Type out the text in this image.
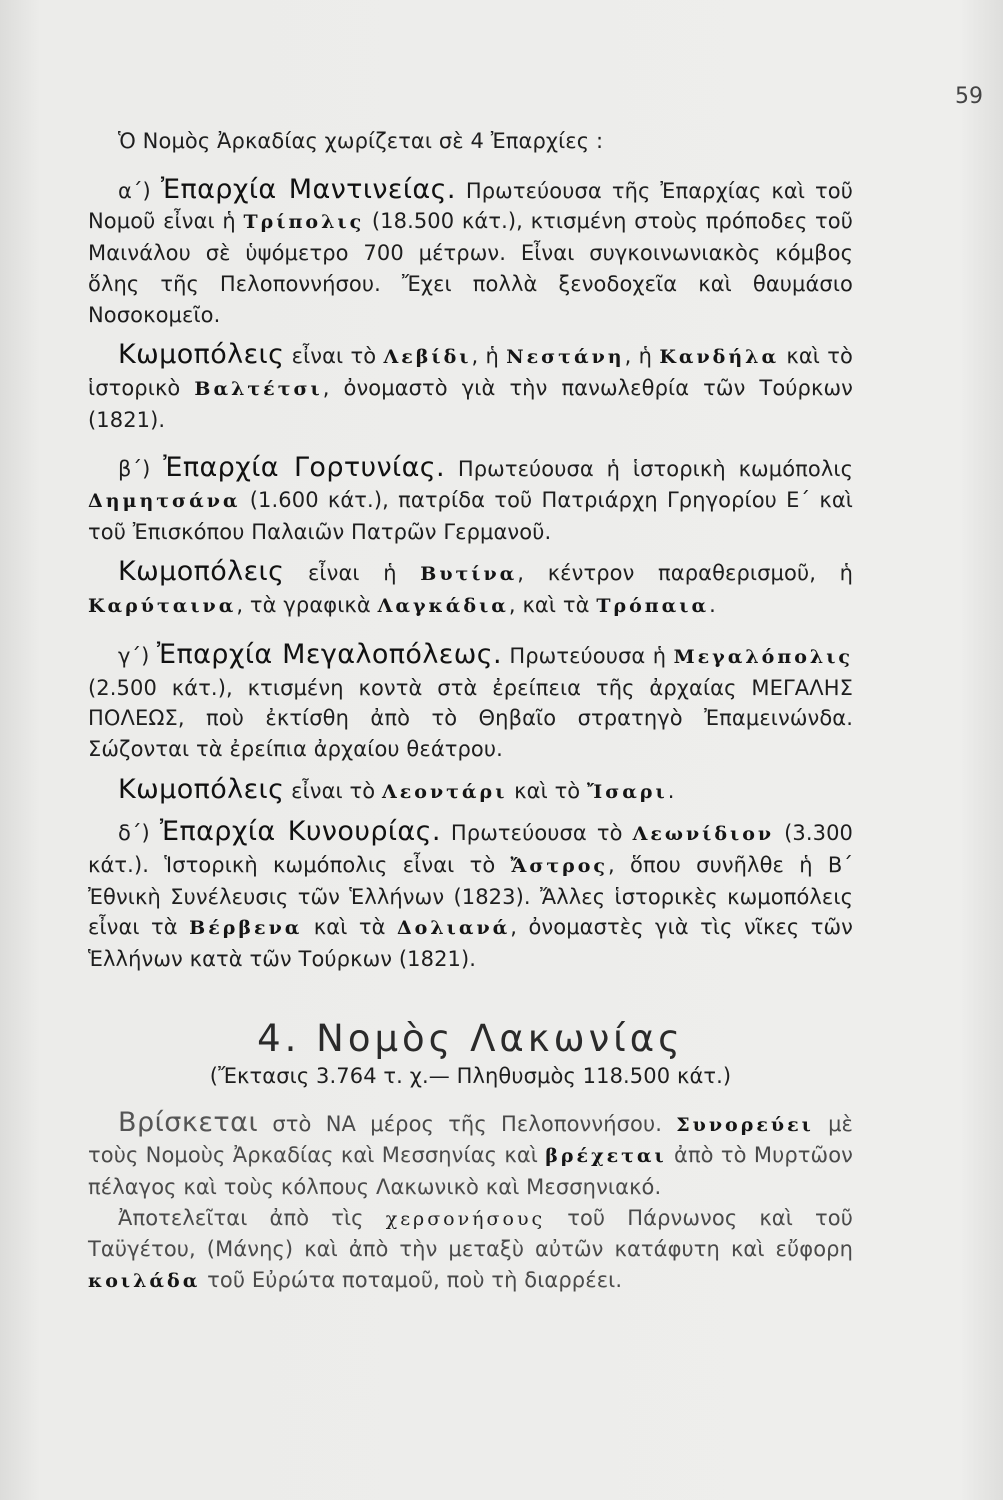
59

Ὁ Νομὸς Ἀρκαδίας χωρίζεται σὲ 4 Ἐπαρχίες :

α΄) Ἐπαρχία Μαντινείας. Πρωτεύουσα τῆς Ἐπαρχίας καὶ τοῦ Νομοῦ εἶναι ἡ Τρίπολις (18.500 κάτ.), κτισμένη στοὺς πρόποδες τοῦ Μαινάλου σὲ ὑψόμετρο 700 μέτρων. Εἶναι συγκοινωνιακὸς κόμβος ὅλης τῆς Πελοποννήσου. Ἔχει πολλὰ ξενοδοχεῖα καὶ θαυμάσιο Νοσοκομεῖο.

Κωμοπόλεις εἶναι τὸ Λεβίδι, ἡ Νεστάνη, ἡ Κανδήλα καὶ τὸ ἱστορικὸ Βαλτέτσι, ὀνομαστὸ γιὰ τὴν πανωλεθρία τῶν Τούρκων (1821).

β΄) Ἐπαρχία Γορτυνίας. Πρωτεύουσα ἡ ἱστορικὴ κωμόπολις Δημητσάνα (1.600 κάτ.), πατρίδα τοῦ Πατριάρχη Γρηγορίου Ε΄ καὶ τοῦ Ἐπισκόπου Παλαιῶν Πατρῶν Γερμανοῦ.

Κωμοπόλεις εἶναι ἡ Βυτίνα, κέντρον παραθερισμοῦ, ἡ Καρύταινα, τὰ γραφικὰ Λαγκάδια, καὶ τὰ Τρόπαια.

γ΄) Ἐπαρχία Μεγαλοπόλεως. Πρωτεύουσα ἡ Μεγαλόπολις (2.500 κάτ.), κτισμένη κοντὰ στὰ ἐρείπεια τῆς ἀρχαίας ΜΕΓΑΛΗΣ ΠΟΛΕΩΣ, ποὺ ἐκτίσθη ἀπὸ τὸ Θηβαῖο στρατηγὸ Ἐπαμεινώνδα. Σώζονται τὰ ἐρείπια ἀρχαίου θεάτρου.

Κωμοπόλεις εἶναι τὸ Λεοντάρι καὶ τὸ Ἴσαρι.

δ΄) Ἐπαρχία Κυνουρίας. Πρωτεύουσα τὸ Λεωνίδιον (3.300 κάτ.). Ἱστορικὴ κωμόπολις εἶναι τὸ Ἄστρος, ὅπου συνῆλθε ἡ Β΄ Ἐθνικὴ Συνέλευσις τῶν Ἑλλήνων (1823). Ἄλλες ἱστορικὲς κωμοπόλεις εἶναι τὰ Βέρβενα καὶ τὰ Δολιανά, ὀνομαστὲς γιὰ τὶς νῖκες τῶν Ἑλλήνων κατὰ τῶν Τούρκων (1821).

4. Νομὸς Λακωνίας

(Ἔκτασις 3.764 τ. χ.— Πληθυσμὸς 118.500 κάτ.)

Βρίσκεται στὸ ΝΑ μέρος τῆς Πελοποννήσου. Συνορεύει μὲ τοὺς Νομοὺς Ἀρκαδίας καὶ Μεσσηνίας καὶ βρέχεται ἀπὸ τὸ Μυρτῶον πέλαγος καὶ τοὺς κόλπους Λακωνικὸ καὶ Μεσσηνιακό.

Ἀποτελεῖται ἀπὸ τὶς χερσονήσους τοῦ Πάρνωνος καὶ τοῦ Ταϋγέτου, (Μάνης) καὶ ἀπὸ τὴν μεταξὺ αὐτῶν κατάφυτη καὶ εὔφορη κοιλάδα τοῦ Εὐρώτα ποταμοῦ, ποὺ τὴ διαρρέει.
